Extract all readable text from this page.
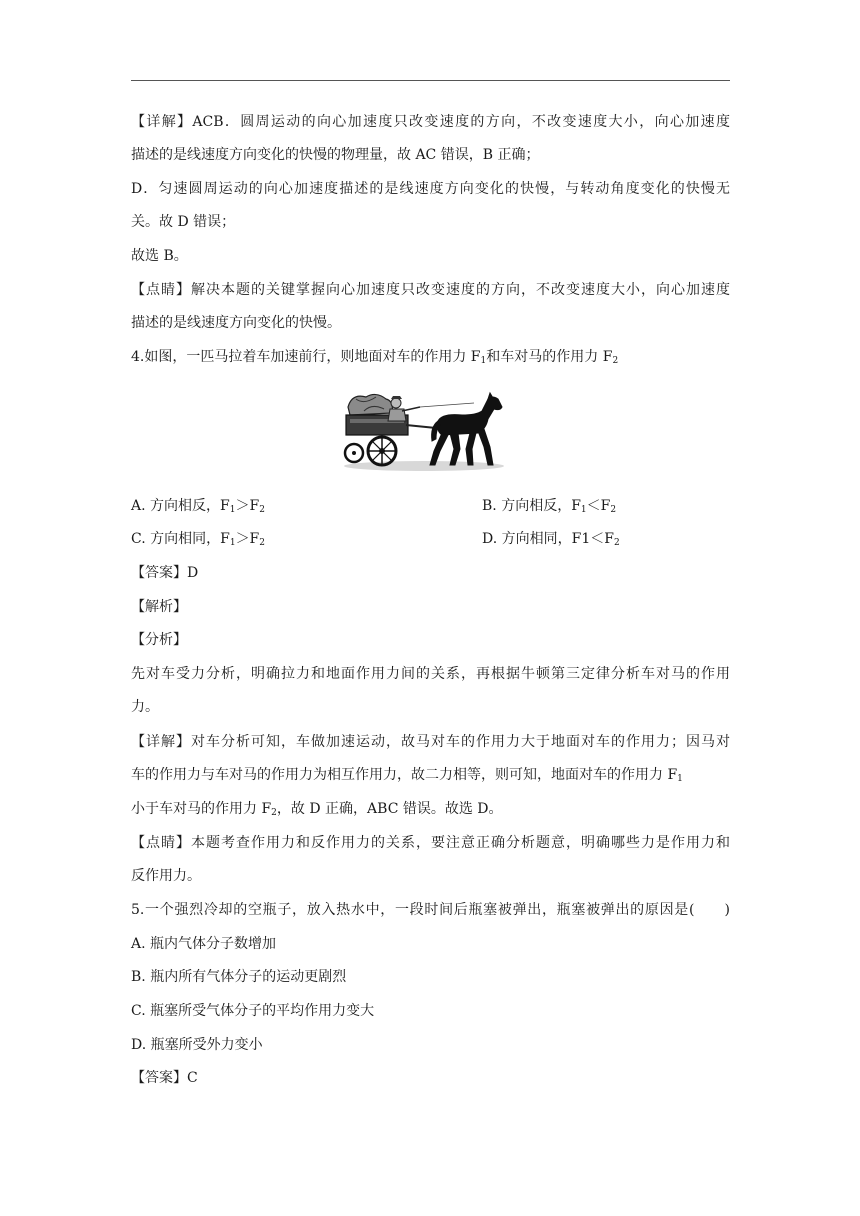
【详解】ACB．圆周运动的向心加速度只改变速度的方向，不改变速度大小，向心加速度
描述的是线速度方向变化的快慢的物理量，故 AC 错误，B 正确；
D．匀速圆周运动的向心加速度描述的是线速度方向变化的快慢，与转动角度变化的快慢无
关。故 D 错误；
故选 B。
【点睛】解决本题的关键掌握向心加速度只改变速度的方向，不改变速度大小，向心加速度
描述的是线速度方向变化的快慢。
4.如图，一匹马拉着车加速前行，则地面对车的作用力 $F_1$和车对马的作用力 $F_2$
A. 方向相反，$F_1>F_2$	B. 方向相反，$F_1<F_2$
C. 方向相同，$F_1>F_2$	D. 方向相同，$F1<F_2$
【答案】D
【解析】
【分析】
先对车受力分析，明确拉力和地面作用力间的关系，再根据牛顿第三定律分析车对马的作用
力。
【详解】对车分析可知，车做加速运动，故马对车的作用力大于地面对车的作用力；因马对
车的作用力与车对马的作用力为相互作用力，故二力相等，则可知，地面对车的作用力 $F_1$
小于车对马的作用力 $F_2$，故 D 正确，ABC 错误。故选 D。
【点睛】本题考查作用力和反作用力的关系，要注意正确分析题意，明确哪些力是作用力和
反作用力。
5.一个强烈冷却的空瓶子，放入热水中，一段时间后瓶塞被弹出，瓶塞被弹出的原因是(　　)
A. 瓶内气体分子数增加
B. 瓶内所有气体分子的运动更剧烈
C. 瓶塞所受气体分子的平均作用力变大
D. 瓶塞所受外力变小
【答案】C
